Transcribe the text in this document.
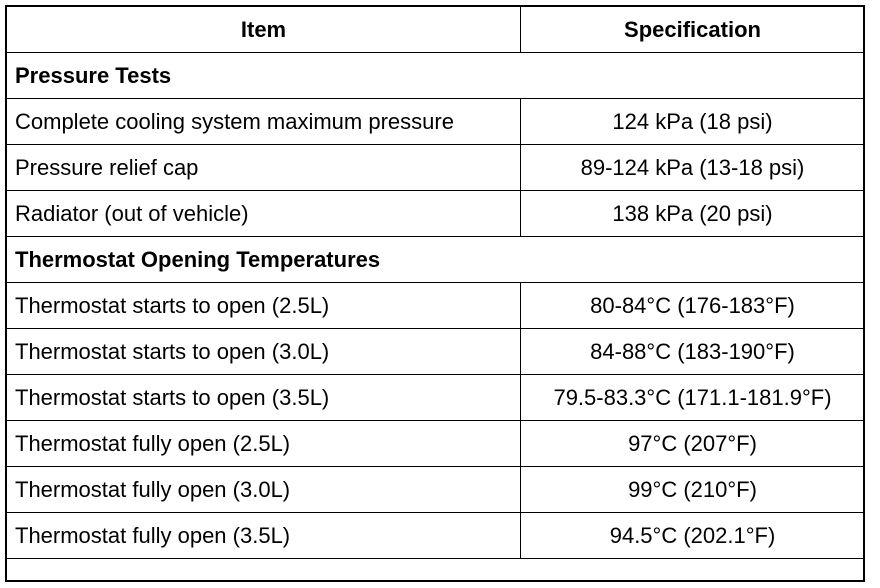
Item	Specification
Pressure Tests	
Complete cooling system maximum pressure	124 kPa (18 psi)
Pressure relief cap	89-124 kPa (13-18 psi)
Radiator (out of vehicle)	138 kPa (20 psi)
Thermostat Opening Temperatures	
Thermostat starts to open (2.5L)	80-84°C (176-183°F)
Thermostat starts to open (3.0L)	84-88°C (183-190°F)
Thermostat starts to open (3.5L)	79.5-83.3°C (171.1-181.9°F)
Thermostat fully open (2.5L)	97°C (207°F)
Thermostat fully open (3.0L)	99°C (210°F)
Thermostat fully open (3.5L)	94.5°C (202.1°F)
